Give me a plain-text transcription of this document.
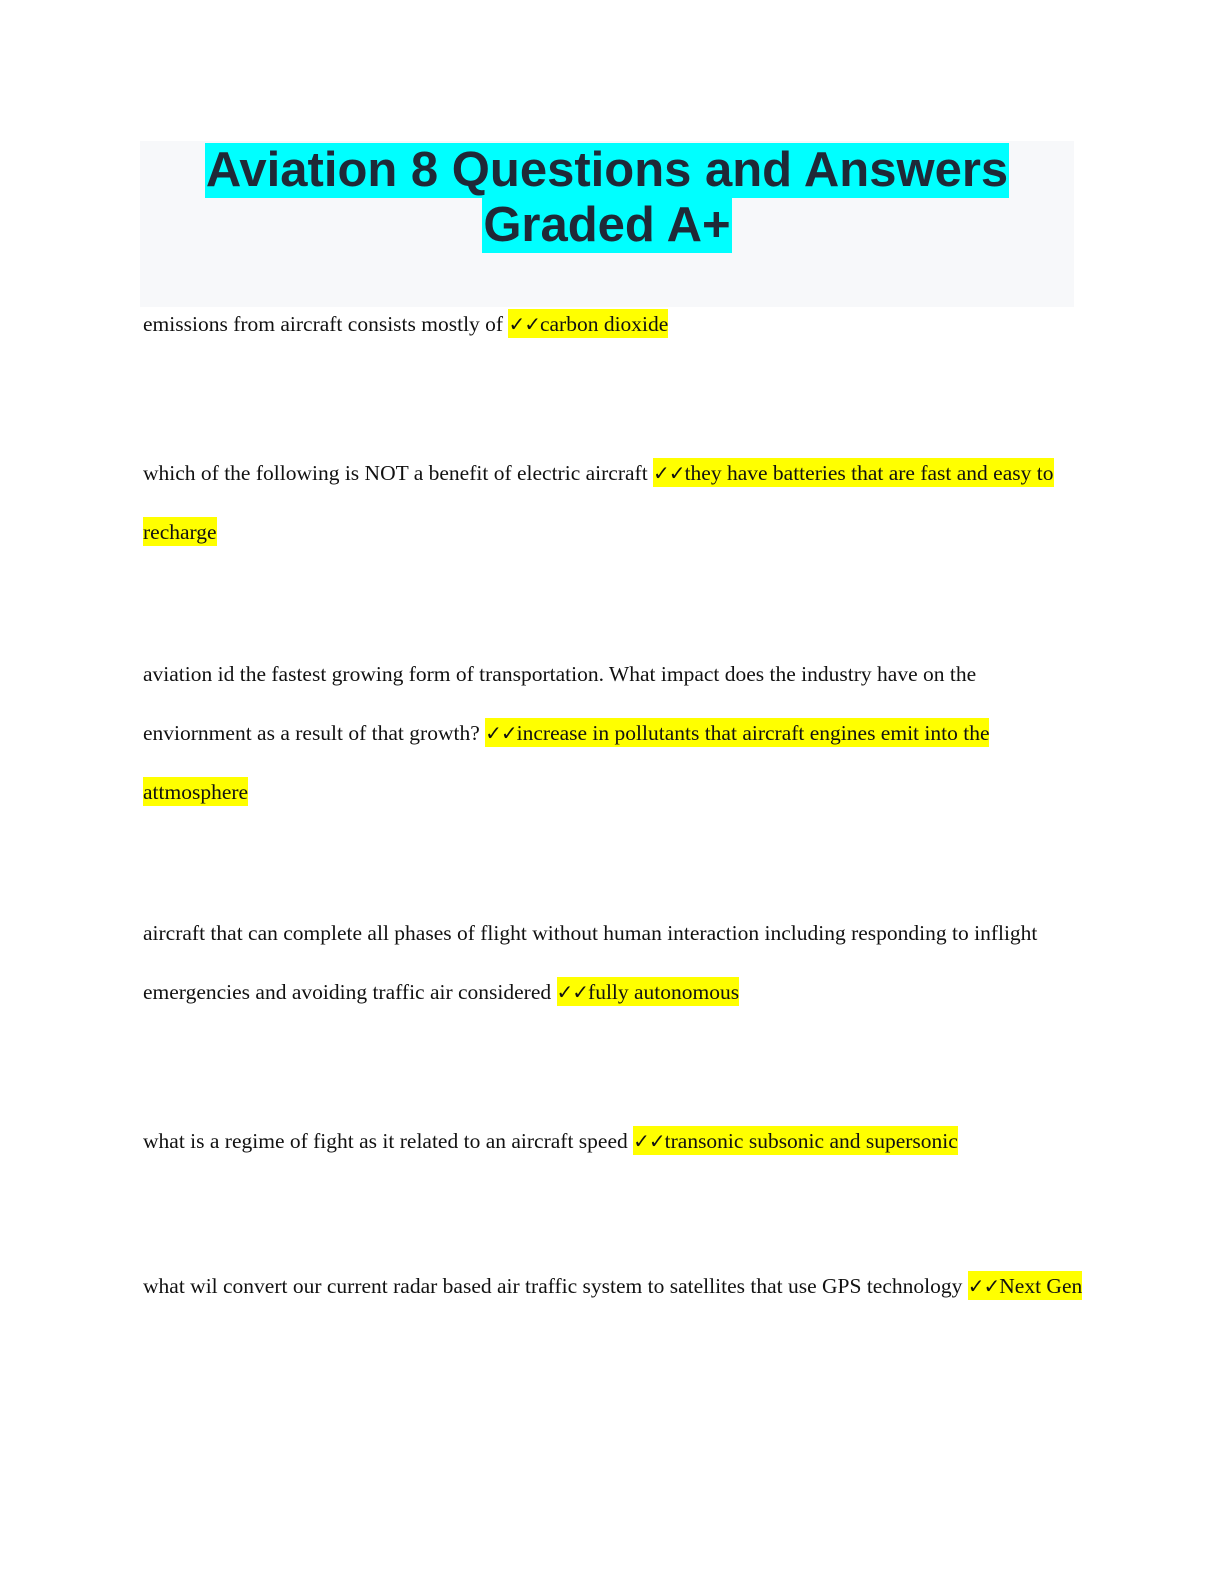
Aviation 8 Questions and Answers
Graded A+

emissions from aircraft consists mostly of ✓✓carbon dioxide

which of the following is NOT a benefit of electric aircraft ✓✓they have batteries that are fast and easy to recharge

aviation id the fastest growing form of transportation. What impact does the industry have on the enviornment as a result of that growth? ✓✓increase in pollutants that aircraft engines emit into the attmosphere

aircraft that can complete all phases of flight without human interaction including responding to inflight emergencies and avoiding traffic air considered ✓✓fully autonomous

what is a regime of fight as it related to an aircraft speed ✓✓transonic subsonic and supersonic

what wil convert our current radar based air traffic system to satellites that use GPS technology ✓✓Next Gen
